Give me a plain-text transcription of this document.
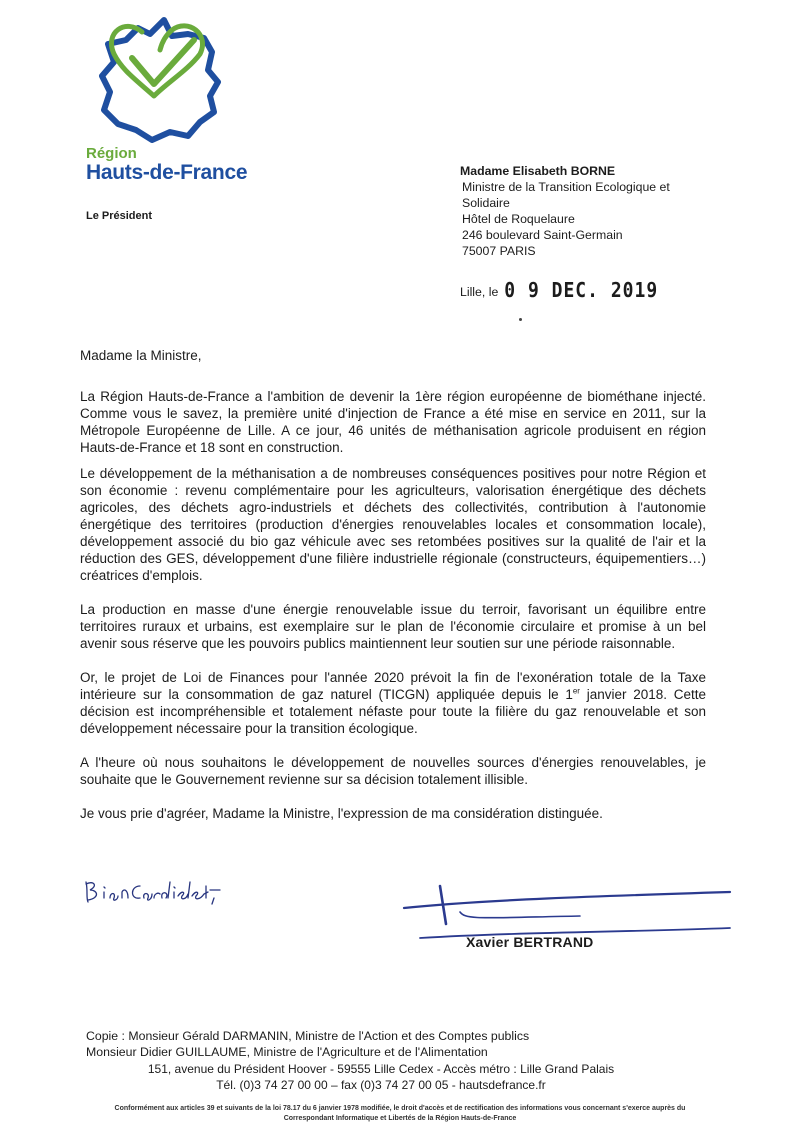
Région
Hauts-de-France
Le Président
Madame Elisabeth BORNE
Ministre de la Transition Ecologique et
Solidaire
Hôtel de Roquelaure
246 boulevard Saint-Germain
75007 PARIS
Lille, le 0 9 DEC. 2019

Madame la Ministre,

La Région Hauts-de-France a l'ambition de devenir la 1ère région européenne de biométhane injecté. Comme vous le savez, la première unité d'injection de France a été mise en service en 2011, sur la Métropole Européenne de Lille. A ce jour, 46 unités de méthanisation agricole produisent en région Hauts-de-France et 18 sont en construction.

Le développement de la méthanisation a de nombreuses conséquences positives pour notre Région et son économie : revenu complémentaire pour les agriculteurs, valorisation énergétique des déchets agricoles, des déchets agro-industriels et déchets des collectivités, contribution à l'autonomie énergétique des territoires (production d'énergies renouvelables locales et consommation locale), développement associé du bio gaz véhicule avec ses retombées positives sur la qualité de l'air et la réduction des GES, développement d'une filière industrielle régionale (constructeurs, équipementiers…) créatrices d'emplois.

La production en masse d'une énergie renouvelable issue du terroir, favorisant un équilibre entre territoires ruraux et urbains, est exemplaire sur le plan de l'économie circulaire et promise à un bel avenir sous réserve que les pouvoirs publics maintiennent leur soutien sur une période raisonnable.

Or, le projet de Loi de Finances pour l'année 2020 prévoit la fin de l'exonération totale de la Taxe intérieure sur la consommation de gaz naturel (TICGN) appliquée depuis le 1er janvier 2018. Cette décision est incompréhensible et totalement néfaste pour toute la filière du gaz renouvelable et son développement nécessaire pour la transition écologique.

A l'heure où nous souhaitons le développement de nouvelles sources d'énergies renouvelables, je souhaite que le Gouvernement revienne sur sa décision totalement illisible.

Je vous prie d'agréer, Madame la Ministre, l'expression de ma considération distinguée.

Xavier BERTRAND
Copie : Monsieur Gérald DARMANIN, Ministre de l'Action et des Comptes publics
Monsieur Didier GUILLAUME, Ministre de l'Agriculture et de l'Alimentation
151, avenue du Président Hoover - 59555 Lille Cedex - Accès métro : Lille Grand Palais
Tél. (0)3 74 27 00 00 – fax (0)3 74 27 00 05 - hautsdefrance.fr
Conformément aux articles 39 et suivants de la loi 78.17 du 6 janvier 1978 modifiée, le droit d'accès et de rectification des informations vous concernant s'exerce auprès du
Correspondant Informatique et Libertés de la Région Hauts-de-France
